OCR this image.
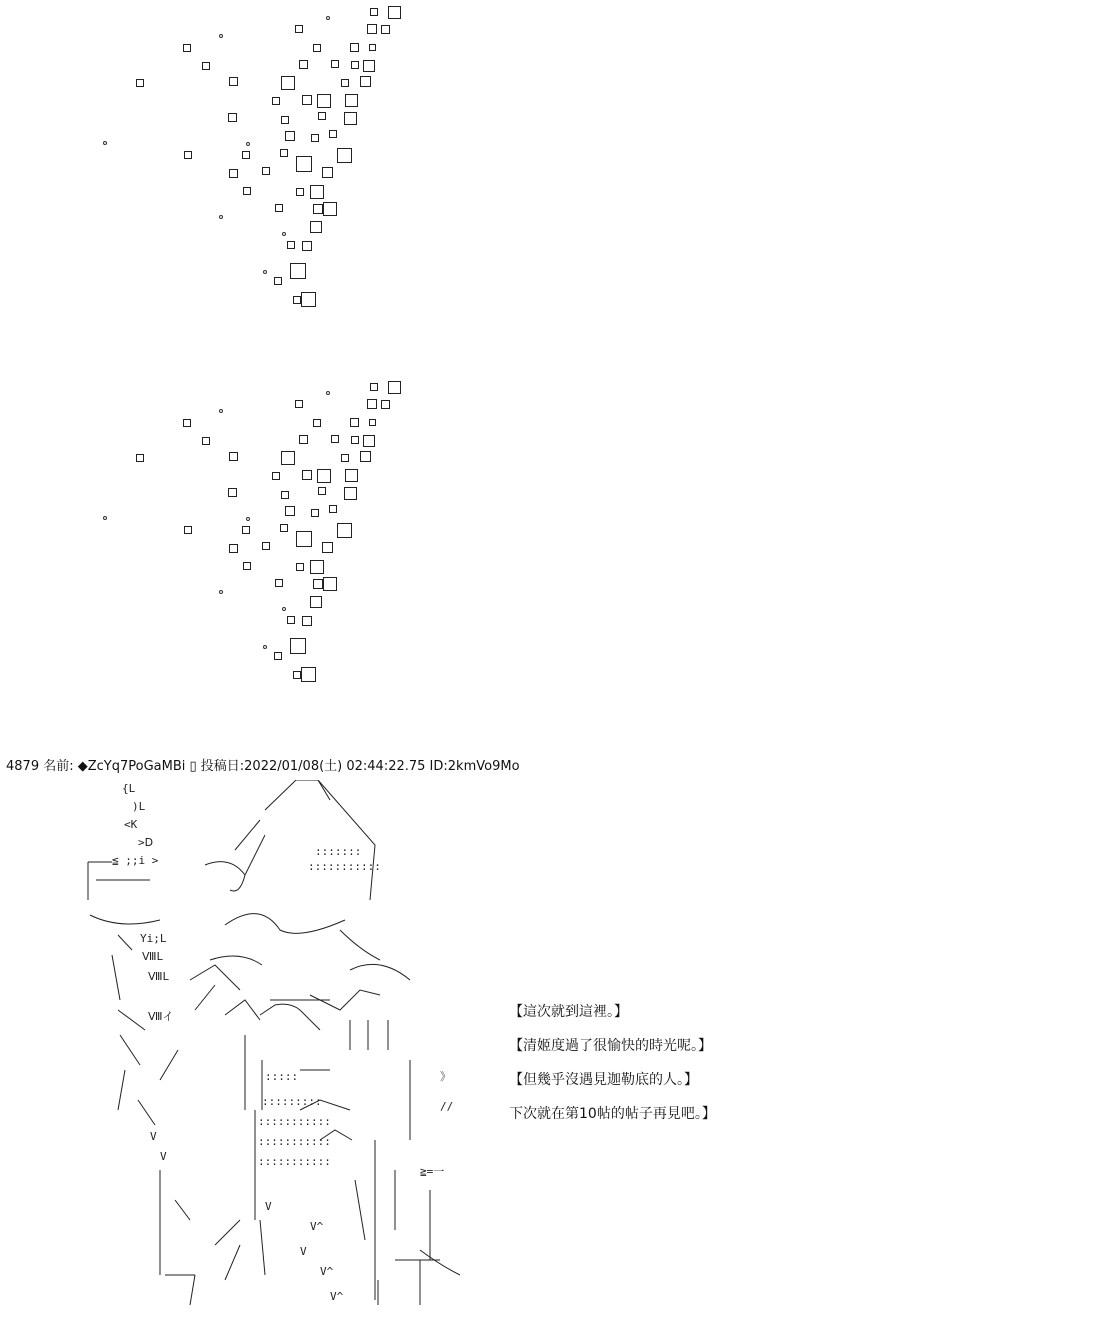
4879 名前: ◆ZcYq7PoGaMBi ▯ 投稿日:2022/01/08(土) 02:44:22.75 ID:2kmVo9Mo
{L
)L
<K
>Ⅾ
≦ ;;i >
Yi;L
ⅧL
ⅧL
Ⅷイ
:::::::
:::::::::::
:::::
:::::::::
:::::::::::
:::::::::::
:::::::::::
》
//
≧=一
V
V
V
V^
V
V^
V^
【這次就到這裡。】
【清姬度過了很愉快的時光呢。】
【但幾乎沒遇見迦勒底的人。】
下次就在第10帖的帖子再見吧。】
